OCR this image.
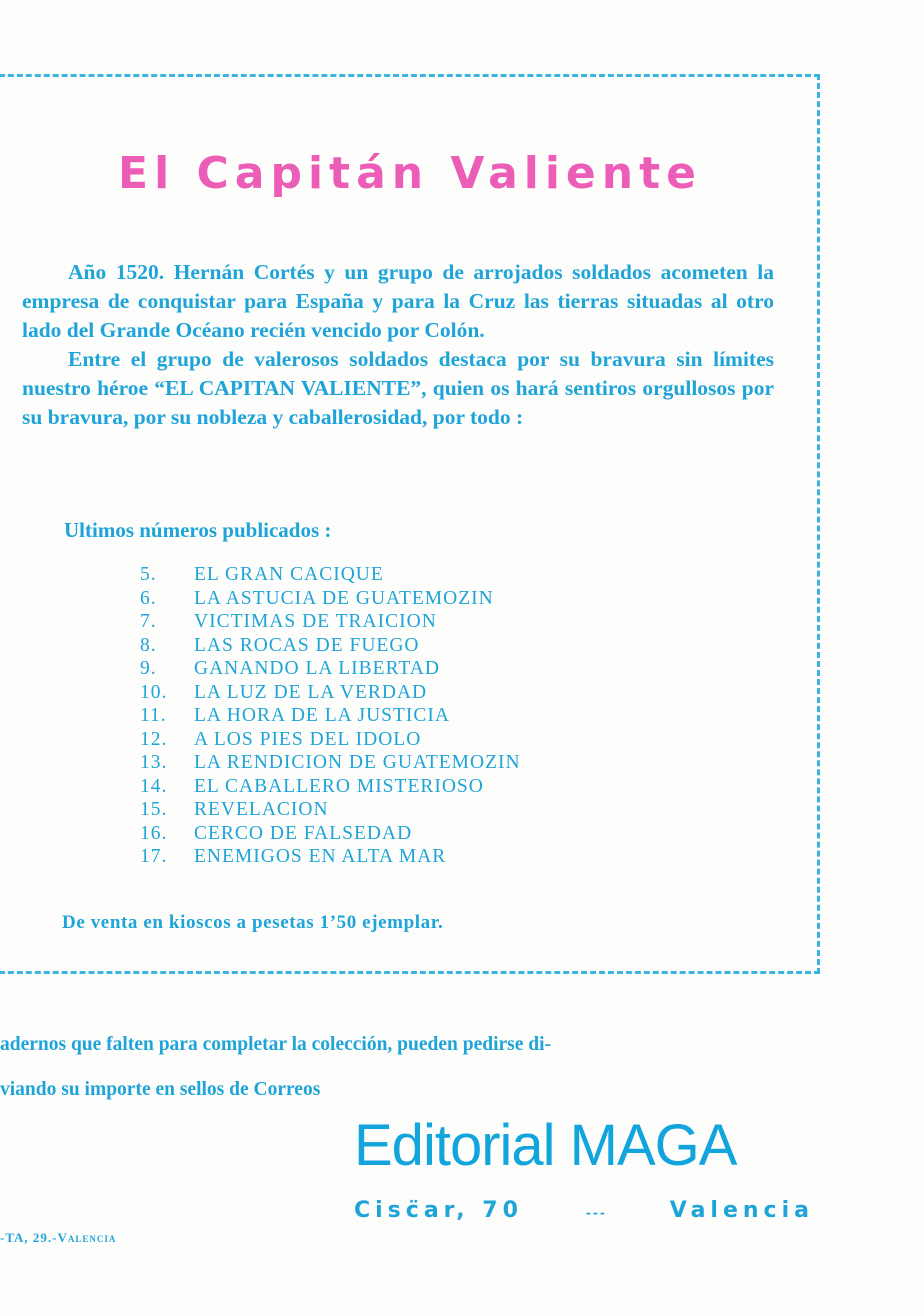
El Capitán Valiente

Año 1520. Hernán Cortés y un grupo de arrojados soldados acometen la empresa de conquistar para España y para la Cruz las tierras situadas al otro lado del Grande Océano recién vencido por Colón.

Entre el grupo de valerosos soldados destaca por su bravura sin límites nuestro héroe “EL CAPITAN VALIENTE”, quien os hará sentiros orgullosos por su bravura, por su nobleza y caballerosidad, por todo :

Ultimos números publicados :

5.	EL GRAN CACIQUE
6.	LA ASTUCIA DE GUATEMOZIN
7.	VICTIMAS DE TRAICION
8.	LAS ROCAS DE FUEGO
9.	GANANDO LA LIBERTAD
10.	LA LUZ DE LA VERDAD
11.	LA HORA DE LA JUSTICIA
12.	A LOS PIES DEL IDOLO
13.	LA RENDICION DE GUATEMOZIN
14.	EL CABALLERO MISTERIOSO
15.	REVELACION
16.	CERCO DE FALSEDAD
17.	ENEMIGOS EN ALTA MAR

De venta en kioscos a pesetas 1’50 ejemplar.

adernos que falten para completar la colección, pueden pedirse di-
viando su importe en sellos de Correos

Editorial MAGA

Cisc̈ar, 70	---	Valencia

-TA, 29.-Valencia
